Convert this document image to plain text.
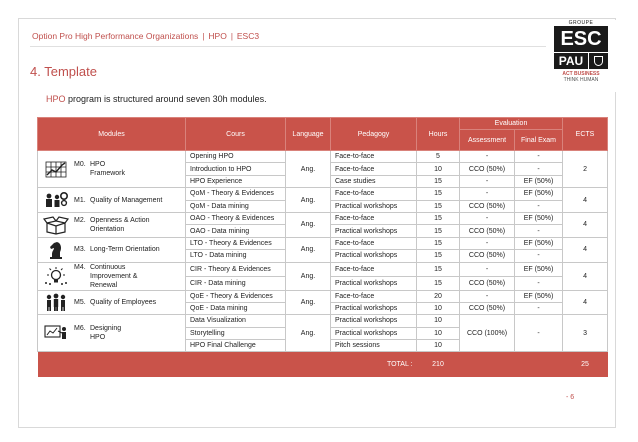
Option Pro High Performance Organizations | HPO | ESC3
GROUPE
ESC
PAU
ACT BUSINESS
THINK HUMAN
4. Template
HPO program is structured around seven 30h modules.
Modules	Cours	Language	Pedagogy	Hours	Evaluation		ECTS
					Assessment	Final Exam	

M0. HPO Framework	Opening HPO	Ang.	Face-to-face	5	-	-	2
	Introduction to HPO		Face-to-face	10	CCO (50%)	-	
	HPO Experience		Case studies	15	-	EF (50%)	

M1. Quality of Management	QoM - Theory & Evidences	Ang.	Face-to-face	15	-	EF (50%)	4
	QoM - Data mining		Practical workshops	15	CCO (50%)	-	

M2. Openness & Action Orientation	OAO - Theory & Evidences	Ang.	Face-to-face	15	-	EF (50%)	4
	OAO - Data mining		Practical workshops	15	CCO (50%)	-	

M3. Long-Term Orientation	LTO - Theory & Evidences	Ang.	Face-to-face	15	-	EF (50%)	4
	LTO - Data mining		Practical workshops	15	CCO (50%)	-	

M4. Continuous Improvement & Renewal	CIR - Theory & Evidences	Ang.	Face-to-face	15	-	EF (50%)	4
	CIR - Data mining		Practical workshops	15	CCO (50%)	-	

M5. Quality of Employees	QoE - Theory & Evidences	Ang.	Face-to-face	20	-	EF (50%)	4
	QoE - Data mining		Practical workshops	10	CCO (50%)	-	

M6. Designing HPO	Data Visualization	Ang.	Practical workshops	10	CCO (100%)	-	3
	Storytelling		Practical workshops	10			
	HPO Final Challenge		Pitch sessions	10			
			TOTAL :	210			25
- 6
